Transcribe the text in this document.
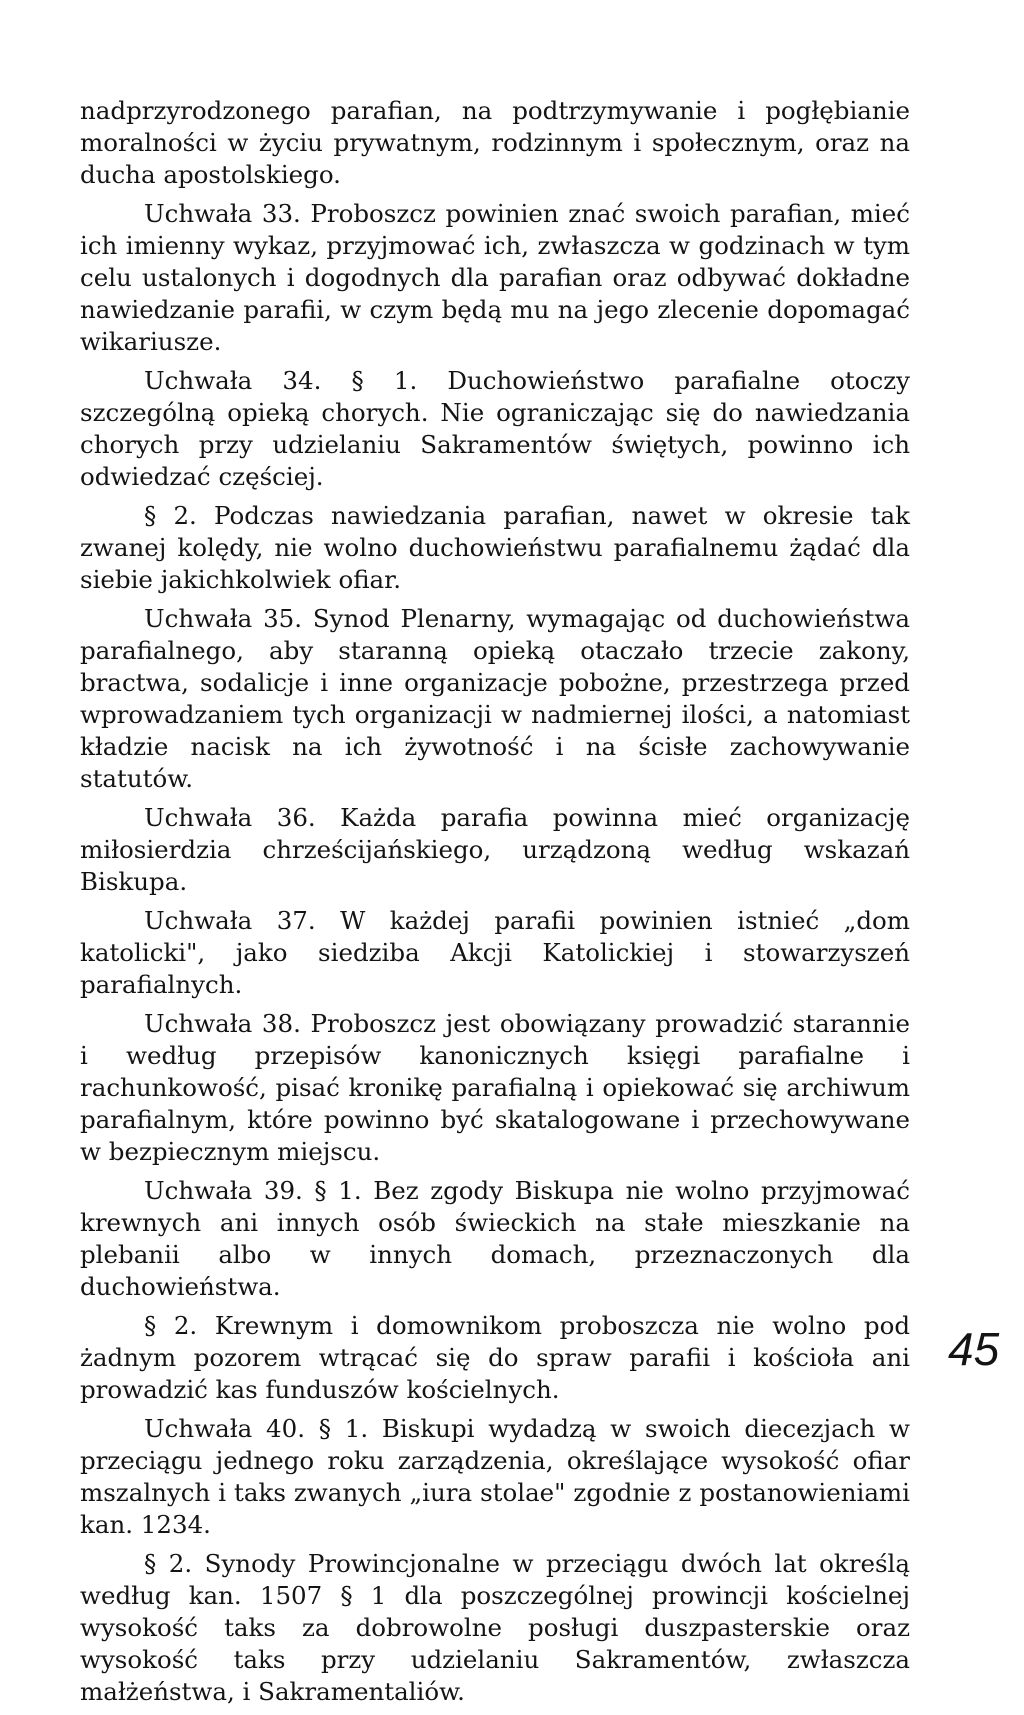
nadprzyrodzonego parafian, na podtrzymywanie i pogłębianie moralności w życiu prywatnym, rodzinnym i społecznym, oraz na ducha apostolskiego.

Uchwała 33. Proboszcz powinien znać swoich parafian, mieć ich imienny wykaz, przyjmować ich, zwłaszcza w godzinach w tym celu ustalonych i dogodnych dla parafian oraz odbywać dokładne nawiedzanie parafii, w czym będą mu na jego zlecenie dopomagać wikariusze.

Uchwała 34. § 1. Duchowieństwo parafialne otoczy szczególną opieką chorych. Nie ograniczając się do nawiedzania chorych przy udzielaniu Sakramentów świętych, powinno ich odwiedzać częściej.

§ 2. Podczas nawiedzania parafian, nawet w okresie tak zwanej kolędy, nie wolno duchowieństwu parafialnemu żądać dla siebie jakichkolwiek ofiar.

Uchwała 35. Synod Plenarny, wymagając od duchowieństwa parafialnego, aby staranną opieką otaczało trzecie zakony, bractwa, sodalicje i inne organizacje pobożne, przestrzega przed wprowadzaniem tych organizacji w nadmiernej ilości, a natomiast kładzie nacisk na ich żywotność i na ścisłe zachowywanie statutów.

Uchwała 36. Każda parafia powinna mieć organizację miłosierdzia chrześcijańskiego, urządzoną według wskazań Biskupa.

Uchwała 37. W każdej parafii powinien istnieć „dom katolicki", jako siedziba Akcji Katolickiej i stowarzyszeń parafialnych.

Uchwała 38. Proboszcz jest obowiązany prowadzić starannie i według przepisów kanonicznych księgi parafialne i rachunkowość, pisać kronikę parafialną i opiekować się archiwum parafialnym, które powinno być skatalogowane i przechowywane w bezpiecznym miejscu.

Uchwała 39. § 1. Bez zgody Biskupa nie wolno przyjmować krewnych ani innych osób świeckich na stałe mieszkanie na plebanii albo w innych domach, przeznaczonych dla duchowieństwa.

§ 2. Krewnym i domownikom proboszcza nie wolno pod żadnym pozorem wtrącać się do spraw parafii i kościoła ani prowadzić kas funduszów kościelnych.

Uchwała 40. § 1. Biskupi wydadzą w swoich diecezjach w przeciągu jednego roku zarządzenia, określające wysokość ofiar mszalnych i taks zwanych „iura stolae" zgodnie z postanowieniami kan. 1234.

§ 2. Synody Prowincjonalne w przeciągu dwóch lat określą według kan. 1507 § 1 dla poszczególnej prowincji kościelnej wysokość taks za dobrowolne posługi duszpasterskie oraz wysokość taks przy udzielaniu Sakramentów, zwłaszcza małżeństwa, i Sakramentaliów.

45
